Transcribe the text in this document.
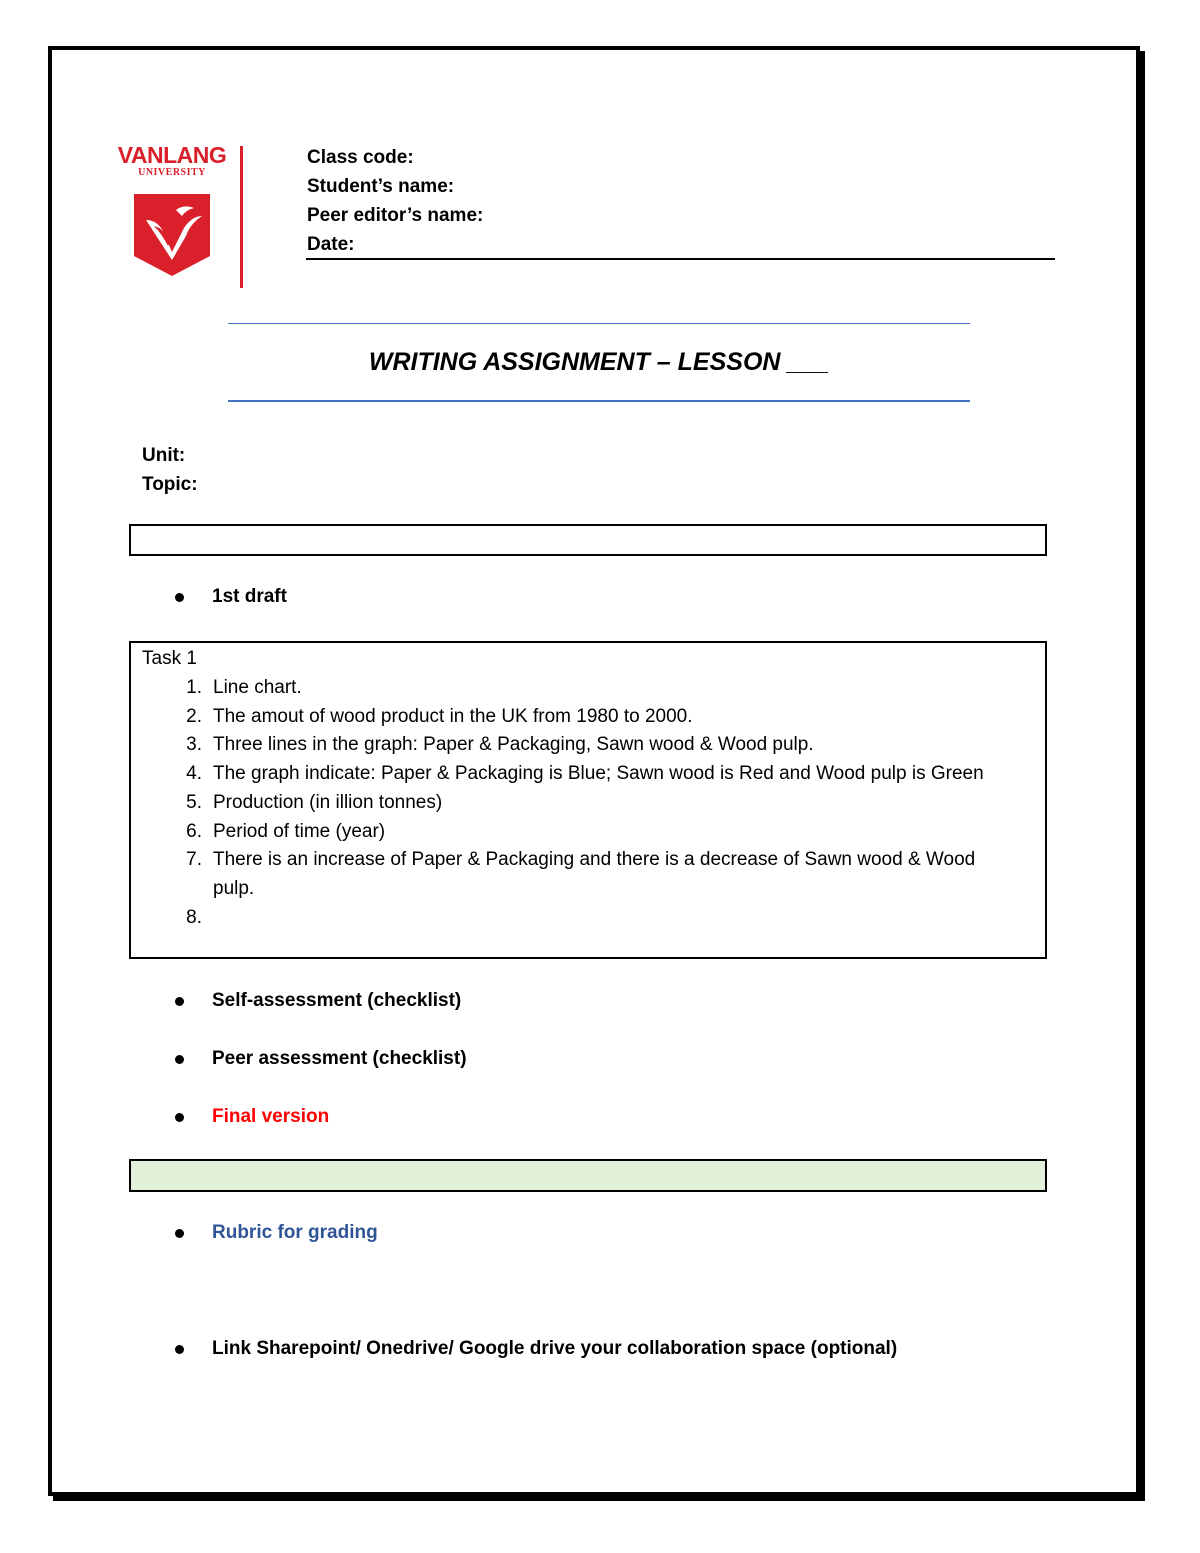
VANLANG
UNIVERSITY
Class code:
Student’s name:
Peer editor’s name:
Date:
WRITING ASSIGNMENT – LESSON ___
Unit:
Topic:
1st draft
Task 1
1. Line chart.
2. The amout of wood product in the UK from 1980 to 2000.
3. Three lines in the graph: Paper & Packaging, Sawn wood & Wood pulp.
4. The graph indicate: Paper & Packaging is Blue; Sawn wood is Red and Wood pulp is Green
5. Production (in illion tonnes)
6. Period of time (year)
7. There is an increase of Paper & Packaging and there is a decrease of Sawn wood & Wood pulp.
8.
Self-assessment (checklist)
Peer assessment (checklist)
Final version
Rubric for grading
Link Sharepoint/ Onedrive/ Google drive your collaboration space (optional)
